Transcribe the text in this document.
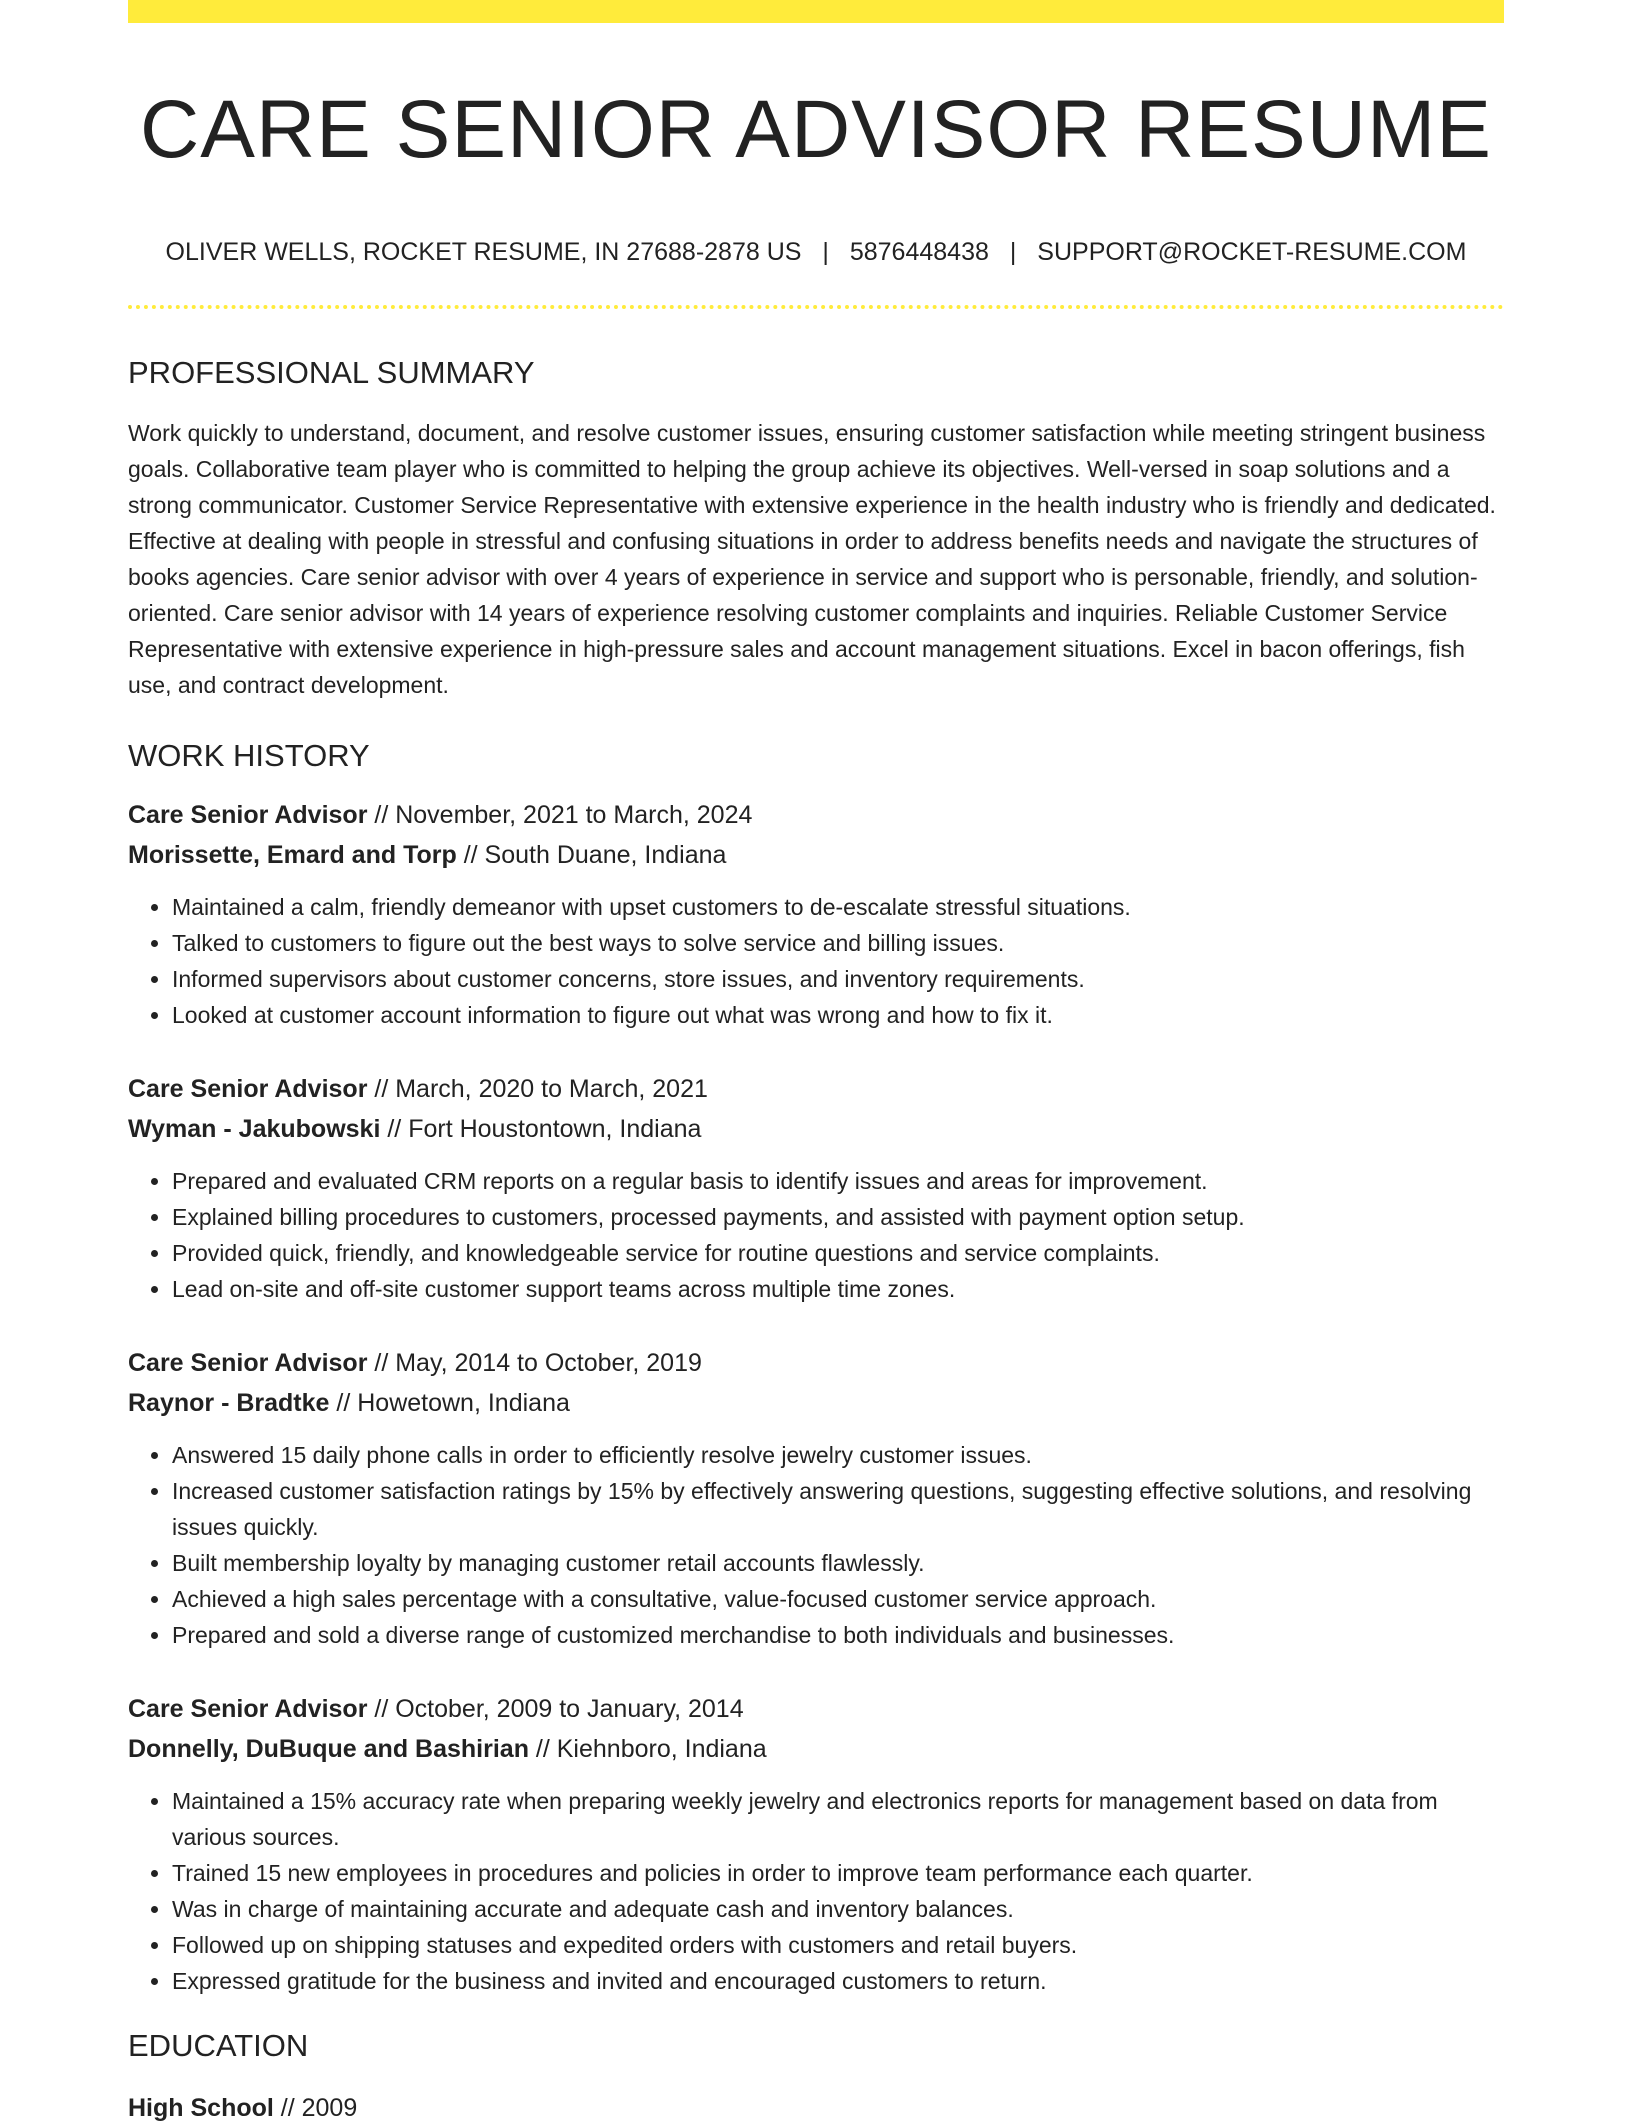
CARE SENIOR ADVISOR RESUME
OLIVER WELLS, ROCKET RESUME, IN 27688-2878 US | 5876448438 | SUPPORT@ROCKET-RESUME.COM
PROFESSIONAL SUMMARY

Work quickly to understand, document, and resolve customer issues, ensuring customer satisfaction while meeting stringent business goals. Collaborative team player who is committed to helping the group achieve its objectives. Well-versed in soap solutions and a strong communicator. Customer Service Representative with extensive experience in the health industry who is friendly and dedicated. Effective at dealing with people in stressful and confusing situations in order to address benefits needs and navigate the structures of books agencies. Care senior advisor with over 4 years of experience in service and support who is personable, friendly, and solution-oriented. Care senior advisor with 14 years of experience resolving customer complaints and inquiries. Reliable Customer Service Representative with extensive experience in high-pressure sales and account management situations. Excel in bacon offerings, fish use, and contract development.

WORK HISTORY
Care Senior Advisor // November, 2021 to March, 2024
Morissette, Emard and Torp // South Duane, Indiana
• Maintained a calm, friendly demeanor with upset customers to de-escalate stressful situations.
• Talked to customers to figure out the best ways to solve service and billing issues.
• Informed supervisors about customer concerns, store issues, and inventory requirements.
• Looked at customer account information to figure out what was wrong and how to fix it.
Care Senior Advisor // March, 2020 to March, 2021
Wyman - Jakubowski // Fort Houstontown, Indiana
• Prepared and evaluated CRM reports on a regular basis to identify issues and areas for improvement.
• Explained billing procedures to customers, processed payments, and assisted with payment option setup.
• Provided quick, friendly, and knowledgeable service for routine questions and service complaints.
• Lead on-site and off-site customer support teams across multiple time zones.
Care Senior Advisor // May, 2014 to October, 2019
Raynor - Bradtke // Howetown, Indiana
• Answered 15 daily phone calls in order to efficiently resolve jewelry customer issues.
• Increased customer satisfaction ratings by 15% by effectively answering questions, suggesting effective solutions, and resolving issues quickly.
• Built membership loyalty by managing customer retail accounts flawlessly.
• Achieved a high sales percentage with a consultative, value-focused customer service approach.
• Prepared and sold a diverse range of customized merchandise to both individuals and businesses.
Care Senior Advisor // October, 2009 to January, 2014
Donnelly, DuBuque and Bashirian // Kiehnboro, Indiana
• Maintained a 15% accuracy rate when preparing weekly jewelry and electronics reports for management based on data from various sources.
• Trained 15 new employees in procedures and policies in order to improve team performance each quarter.
• Was in charge of maintaining accurate and adequate cash and inventory balances.
• Followed up on shipping statuses and expedited orders with customers and retail buyers.
• Expressed gratitude for the business and invited and encouraged customers to return.
EDUCATION
High School // 2009
